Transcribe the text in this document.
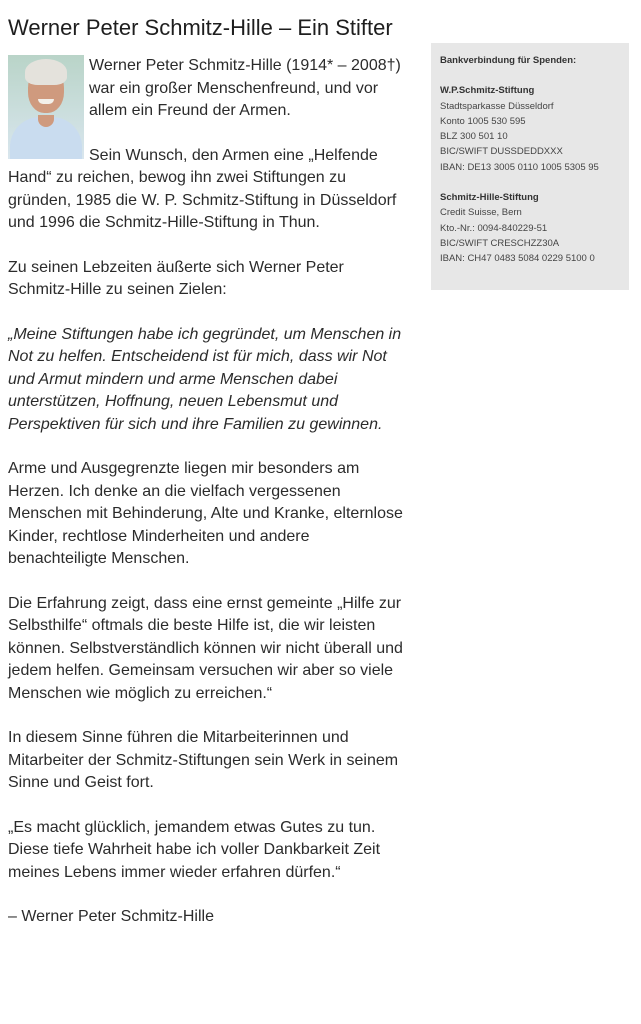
Werner Peter Schmitz-Hille – Ein Stifter

Werner Peter Schmitz-Hille (1914* – 2008†) war ein großer Menschenfreund, und vor allem ein Freund der Armen.

Sein Wunsch, den Armen eine „Helfende Hand“ zu reichen, bewog ihn zwei Stiftungen zu gründen, 1985 die W. P. Schmitz-Stiftung in Düsseldorf und 1996 die Schmitz-Hille-Stiftung in Thun.

Zu seinen Lebzeiten äußerte sich Werner Peter Schmitz-Hille zu seinen Zielen:

„Meine Stiftungen habe ich gegründet, um Menschen in Not zu helfen. Entscheidend ist für mich, dass wir Not und Armut mindern und arme Menschen dabei unterstützen, Hoffnung, neuen Lebensmut und Perspektiven für sich und ihre Familien zu gewinnen.

Arme und Ausgegrenzte liegen mir besonders am Herzen. Ich denke an die vielfach vergessenen Menschen mit Behinderung, Alte und Kranke, elternlose Kinder, rechtlose Minderheiten und andere benachteiligte Menschen.

Die Erfahrung zeigt, dass eine ernst gemeinte „Hilfe zur Selbsthilfe“ oftmals die beste Hilfe ist, die wir leisten können. Selbstverständlich können wir nicht überall und jedem helfen. Gemeinsam versuchen wir aber so viele Menschen wie möglich zu erreichen.“

In diesem Sinne führen die Mitarbeiterinnen und Mitarbeiter der Schmitz-Stiftungen sein Werk in seinem Sinne und Geist fort.

„Es macht glücklich, jemandem etwas Gutes zu tun. Diese tiefe Wahrheit habe ich voller Dankbarkeit Zeit meines Lebens immer wieder erfahren dürfen.“

– Werner Peter Schmitz-Hille

Bankverbindung für Spenden:
W.P.Schmitz-Stiftung
Stadtsparkasse Düsseldorf
Konto 1005 530 595
BLZ 300 501 10
BIC/SWIFT DUSSDEDDXXX
IBAN: DE13 3005 0110 1005 5305 95
Schmitz-Hille-Stiftung
Credit Suisse, Bern
Kto.-Nr.: 0094-840229-51
BIC/SWIFT CRESCHZZ30A
IBAN: CH47 0483 5084 0229 5100 0
